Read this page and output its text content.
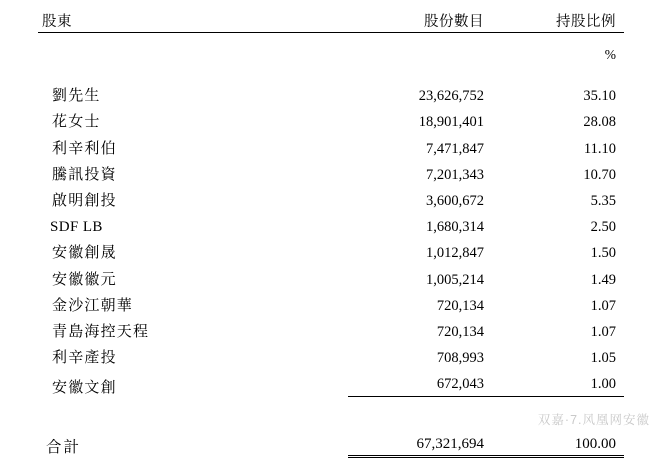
股東	股份數目	持股比例

		%

劉先生	23,626,752	35.10
花女士	18,901,401	28.08
利辛利伯	7,471,847	11.10
騰訊投資	7,201,343	10.70
啟明創投	3,600,672	5.35
SDF LB	1,680,314	2.50
安徽創晟	1,012,847	1.50
安徽徽元	1,005,214	1.49
金沙江朝華	720,134	1.07
青島海控天程	720,134	1.07
利辛產投	708,993	1.05
安徽文創	672,043	1.00

合計	67,321,694	100.00
双嘉·7.风凰网安徽
